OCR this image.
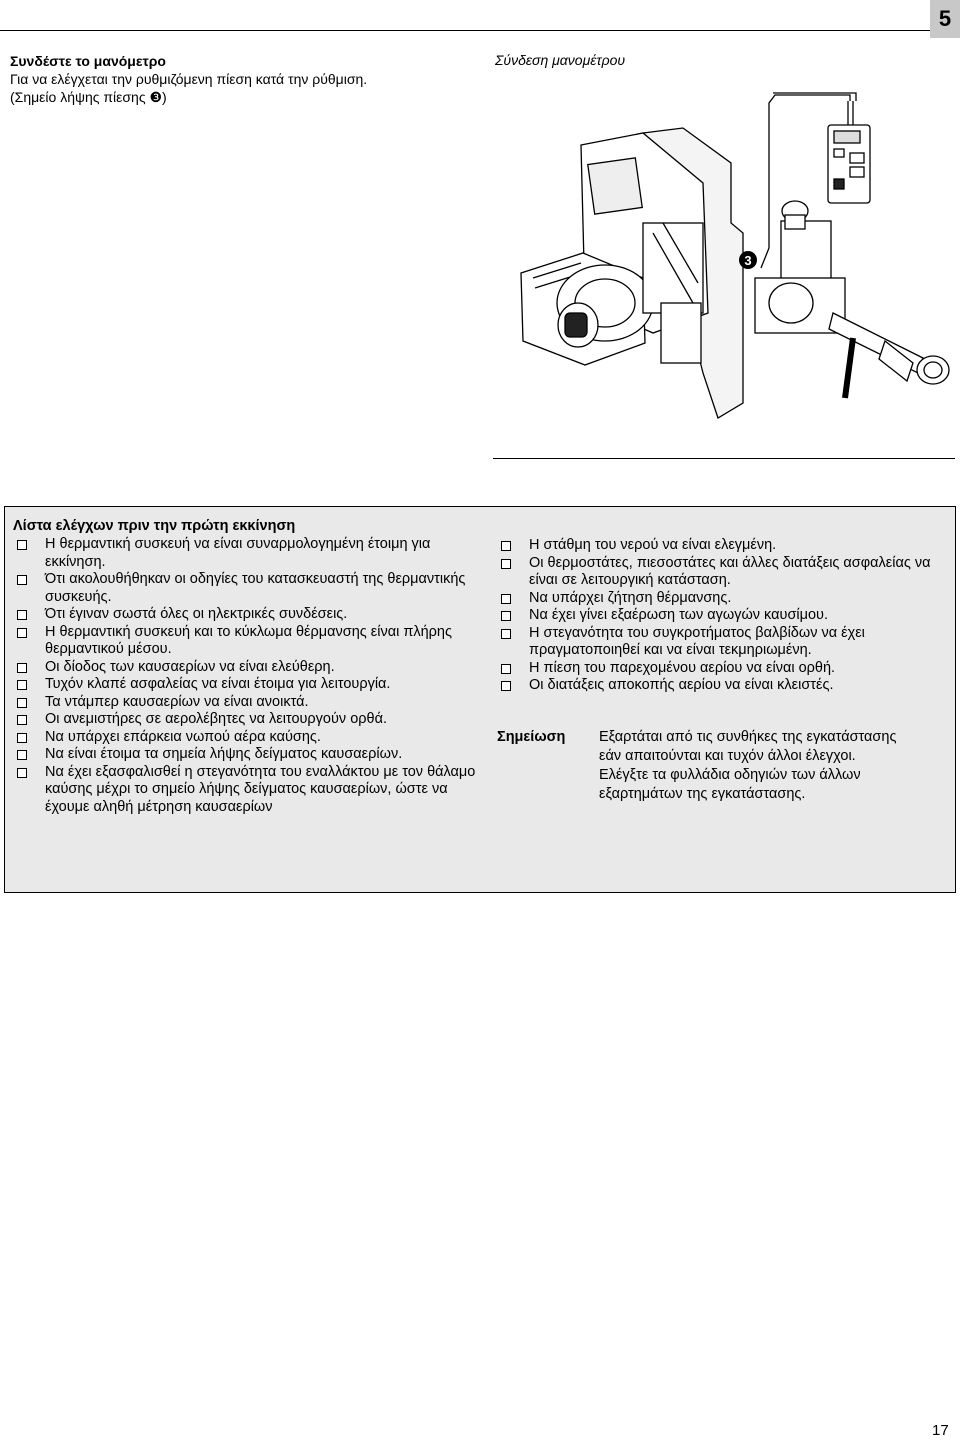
5
Συνδέστε το μανόμετρο
Για να ελέγχεται την ρυθμιζόμενη πίεση κατά την ρύθμιση.
(Σημείο λήψης πίεσης ❸)
Σύνδεση μανομέτρου
3
Λίστα ελέγχων πριν την πρώτη εκκίνηση
Η θερμαντική συσκευή να είναι συναρμολογημένη έτοιμη για εκκίνηση.
Ότι ακολουθήθηκαν οι οδηγίες του κατασκευαστή της θερμαντικής συσκευής.
Ότι έγιναν σωστά όλες οι ηλεκτρικές συνδέσεις.
Η θερμαντική συσκευή και το κύκλωμα θέρμανσης είναι πλήρης θερμαντικού μέσου.
Οι δίοδος των καυσαερίων να είναι ελεύθερη.
Τυχόν κλαπέ ασφαλείας να είναι έτοιμα για λειτουργία.
Τα ντάμπερ καυσαερίων να είναι ανοικτά.
Οι ανεμιστήρες σε αερολέβητες να λειτουργούν ορθά.
Να υπάρχει επάρκεια νωπού αέρα καύσης.
Να είναι έτοιμα τα σημεία λήψης δείγματος καυσαερίων.
Να έχει εξασφαλισθεί η στεγανότητα του εναλλάκτου με τον θάλαμο καύσης μέχρι το σημείο λήψης δείγματος καυσαερίων, ώστε να έχουμε αληθή μέτρηση καυσαερίων
Η στάθμη του νερού να είναι ελεγμένη.
Οι θερμοστάτες, πιεσοστάτες και άλλες διατάξεις ασφαλείας να είναι σε λειτουργική κατάσταση.
Να υπάρχει ζήτηση θέρμανσης.
Να έχει γίνει εξαέρωση των αγωγών καυσίμου.
Η στεγανότητα του συγκροτήματος βαλβίδων να έχει πραγματοποιηθεί και να είναι τεκμηριωμένη.
Η πίεση του παρεχομένου αερίου να είναι ορθή.
Οι διατάξεις αποκοπής αερίου να είναι κλειστές.
Σημείωση	Εξαρτάται από τις συνθήκες της εγκατάστασης
εάν απαιτούνται και τυχόν άλλοι έλεγχοι.
Ελέγξτε τα φυλλάδια οδηγιών των άλλων
εξαρτημάτων της εγκατάστασης.
17
